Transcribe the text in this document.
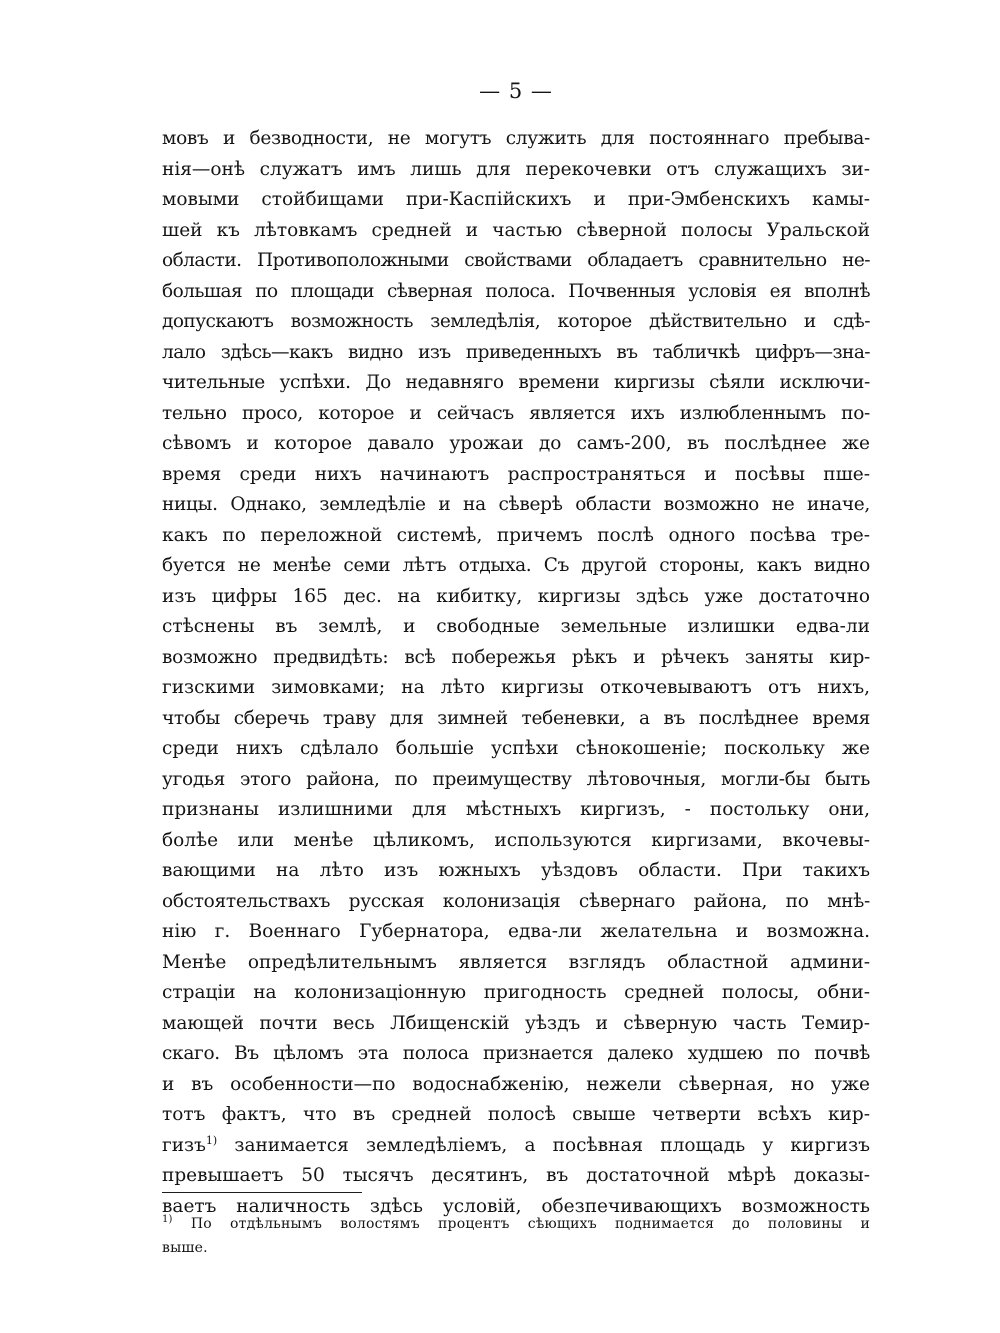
— 5 —
мовъ и безводности, не могутъ служить для постояннаго пребыва-
нія—онѣ служатъ имъ лишь для перекочевки отъ служащихъ зи-
мовыми стойбищами при-Каспійскихъ и при-Эмбенскихъ камы-
шей къ лѣтовкамъ средней и частью сѣверной полосы Уральской
области. Противоположными свойствами обладаетъ сравнительно не-
большая по площади сѣверная полоса. Почвенныя условія ея вполнѣ
допускаютъ возможность земледѣлія, которое дѣйствительно и сдѣ-
лало здѣсь—какъ видно изъ приведенныхъ въ табличкѣ цифръ—зна-
чительные успѣхи. До недавняго времени киргизы сѣяли исключи-
тельно просо, которое и сейчасъ является ихъ излюбленнымъ по-
сѣвомъ и которое давало урожаи до самъ-200, въ послѣднее же
время среди нихъ начинаютъ распространяться и посѣвы пше-
ницы. Однако, земледѣліе и на сѣверѣ области возможно не иначе,
какъ по переложной системѣ, причемъ послѣ одного посѣва тре-
буется не менѣе семи лѣтъ отдыха. Съ другой стороны, какъ видно
изъ цифры 165 дес. на кибитку, киргизы здѣсь уже достаточно
стѣснены въ землѣ, и свободные земельные излишки едва-ли
возможно предвидѣть: всѣ побережья рѣкъ и рѣчекъ заняты кир-
гизскими зимовками; на лѣто киргизы откочевываютъ отъ нихъ,
чтобы сберечь траву для зимней тебеневки, а въ послѣднее время
среди нихъ сдѣлало большіе успѣхи сѣнокошеніе; поскольку же
угодья этого района, по преимуществу лѣтовочныя, могли-бы быть
признаны излишними для мѣстныхъ киргизъ, - постольку они,
болѣе или менѣе цѣликомъ, используются киргизами, вкочевы-
вающими на лѣто изъ южныхъ уѣздовъ области. При такихъ
обстоятельствахъ русская колонизація сѣвернаго района, по мнѣ-
нію г. Военнаго Губернатора, едва-ли желательна и возможна.
Менѣе опредѣлительнымъ является взглядъ областной админи-
страціи на колонизаціонную пригодность средней полосы, обни-
мающей почти весь Лбищенскій уѣздъ и сѣверную часть Темир-
скаго. Въ цѣломъ эта полоса признается далеко худшею по почвѣ
и въ особенности—по водоснабженію, нежели сѣверная, но уже
тотъ фактъ, что въ средней полосѣ свыше четверти всѣхъ кир-
гизъ$^{1)}$ занимается земледѣліемъ, а посѣвная площадь у киргизъ
превышаетъ 50 тысячъ десятинъ, въ достаточной мѣрѣ доказы-
ваетъ наличность здѣсь условій, обезпечивающихъ возможность
$^{1)}$ По отдѣльнымъ волостямъ процентъ сѣющихъ поднимается до половины и
выше.
